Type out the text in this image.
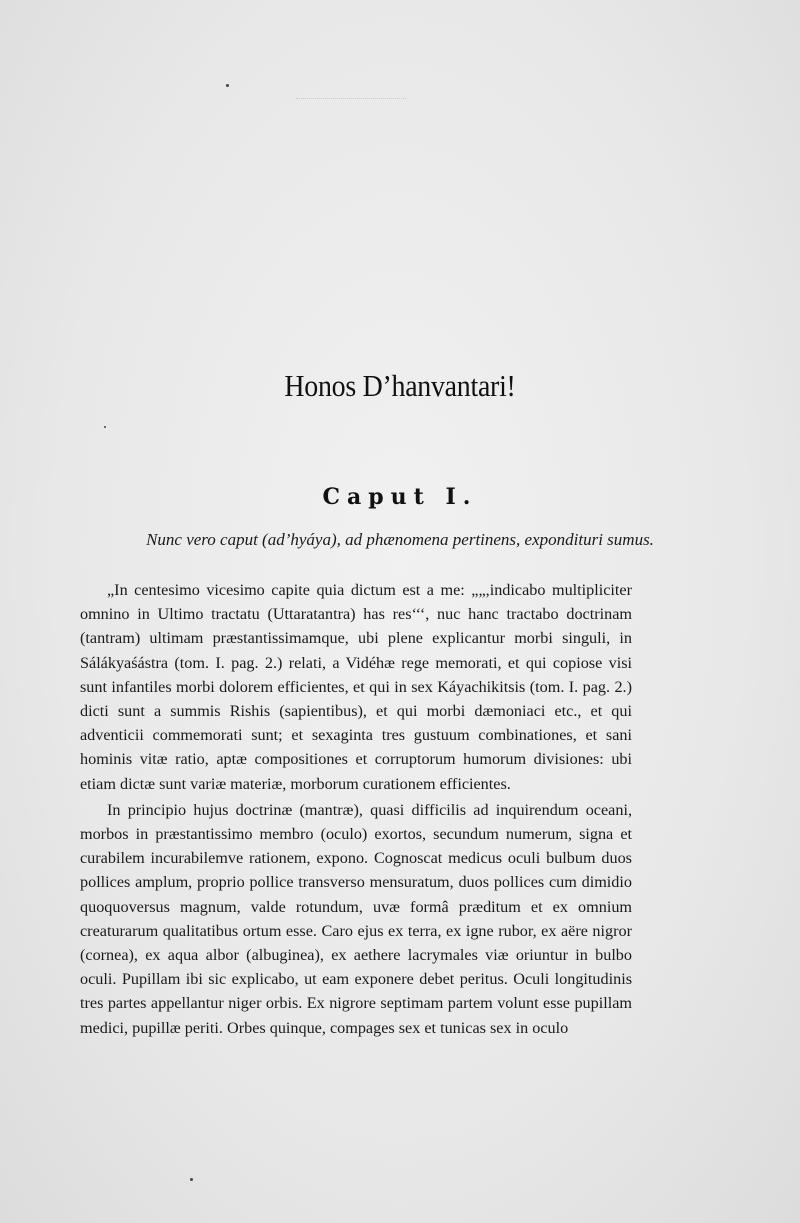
Honos D’hanvantari!
Caput I.
Nunc vero caput (ad’hyáya), ad phænomena pertinens, expondituri sumus.

„In centesimo vicesimo capite quia dictum est a me: „„,indicabo multipliciter omnino in Ultimo tractatu (Uttaratantra) has res‘‘‘, nuc hanc tractabo doctrinam (tantram) ultimam præstantissimamque, ubi plene explicantur morbi singuli, in Sálákyaśástra (tom. I. pag. 2.) relati, a Vidéhæ rege memorati, et qui copiose visi sunt infantiles morbi dolorem efficientes, et qui in sex Káyachikitsis (tom. I. pag. 2.) dicti sunt a summis Rishis (sapientibus), et qui morbi dæmoniaci etc., et qui adventicii commemorati sunt; et sexaginta tres gustuum combinationes, et sani hominis vitæ ratio, aptæ compositiones et corruptorum humorum divisiones: ubi etiam dictæ sunt variæ materiæ, morborum curationem efficientes.

In principio hujus doctrinæ (mantræ), quasi difficilis ad inquirendum oceani, morbos in præstantissimo membro (oculo) exortos, secundum numerum, signa et curabilem incurabilemve rationem, expono. Cognoscat medicus oculi bulbum duos pollices amplum, proprio pollice transverso mensuratum, duos pollices cum dimidio quoquoversus magnum, valde rotundum, uvæ formâ præditum et ex omnium creaturarum qualitatibus ortum esse. Caro ejus ex terra, ex igne rubor, ex aëre nigror (cornea), ex aqua albor (albuginea), ex aethere lacrymales viæ oriuntur in bulbo oculi. Pupillam ibi sic explicabo, ut eam exponere debet peritus. Oculi longitudinis tres partes appellantur niger orbis. Ex nigrore septimam partem volunt esse pupillam medici, pupillæ periti. Orbes quinque, compages sex et tunicas sex in oculo
